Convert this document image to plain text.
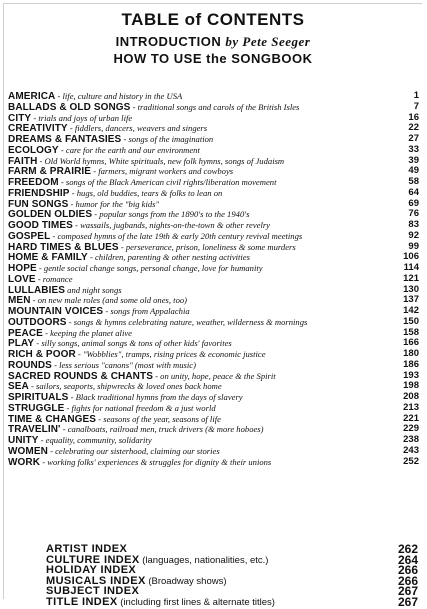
TABLE of CONTENTS
INTRODUCTION by Pete Seeger
HOW TO USE the SONGBOOK
AMERICA - life, culture and history in the USA	1
BALLADS & OLD SONGS - traditional songs and carols of the British Isles	7
CITY - trials and joys of urban life	16
CREATIVITY - fiddlers, dancers, weavers and singers	22
DREAMS & FANTASIES - songs of the imagination	27
ECOLOGY - care for the earth and our environment	33
FAITH - Old World hymns, White spirituals, new folk hymns, songs of Judaism	39
FARM & PRAIRIE - farmers, migrant workers and cowboys	49
FREEDOM - songs of the Black American civil rights/liberation movement	58
FRIENDSHIP - hugs, old buddies, tears & folks to lean on	64
FUN SONGS - humor for the "big kids"	69
GOLDEN OLDIES - popular songs from the 1890's to the 1940's	76
GOOD TIMES - wassails, jugbands, nights-on-the-town & other revelry	83
GOSPEL - composed hymns of the late 19th & early 20th century revival meetings	92
HARD TIMES & BLUES - perseverance, prison, loneliness & some murders	99
HOME & FAMILY - children, parenting & other nesting activities	106
HOPE - gentle social change songs, personal change, love for humanity	114
LOVE - romance	121
LULLABIES and night songs	130
MEN - on new male roles (and some old ones, too)	137
MOUNTAIN VOICES - songs from Appalachia	142
OUTDOORS - songs & hymns celebrating nature, weather, wilderness & mornings	150
PEACE - keeping the planet alive	158
PLAY - silly songs, animal songs & tons of other kids' favorites	166
RICH & POOR - "Wobblies", tramps, rising prices & economic justice	180
ROUNDS - less serious "canons" (most with music)	186
SACRED ROUNDS & CHANTS - on unity, hope, peace & the Spirit	193
SEA - sailors, seaports, shipwrecks & loved ones back home	198
SPIRITUALS - Black traditional hymns from the days of slavery	208
STRUGGLE - fights for national freedom & a just world	213
TIME & CHANGES - seasons of the year, seasons of life	221
TRAVELIN' - canalboats, railroad men, truck drivers (& more hoboes)	229
UNITY - equality, community, solidarity	238
WOMEN - celebrating our sisterhood, claiming our stories	243
WORK - working folks' experiences & struggles for dignity & their unions	252
ARTIST INDEX	262
CULTURE INDEX (languages, nationalities, etc.)	264
HOLIDAY INDEX	266
MUSICALS INDEX (Broadway shows)	266
SUBJECT INDEX	267
TITLE INDEX (including first lines & alternate titles)	267
